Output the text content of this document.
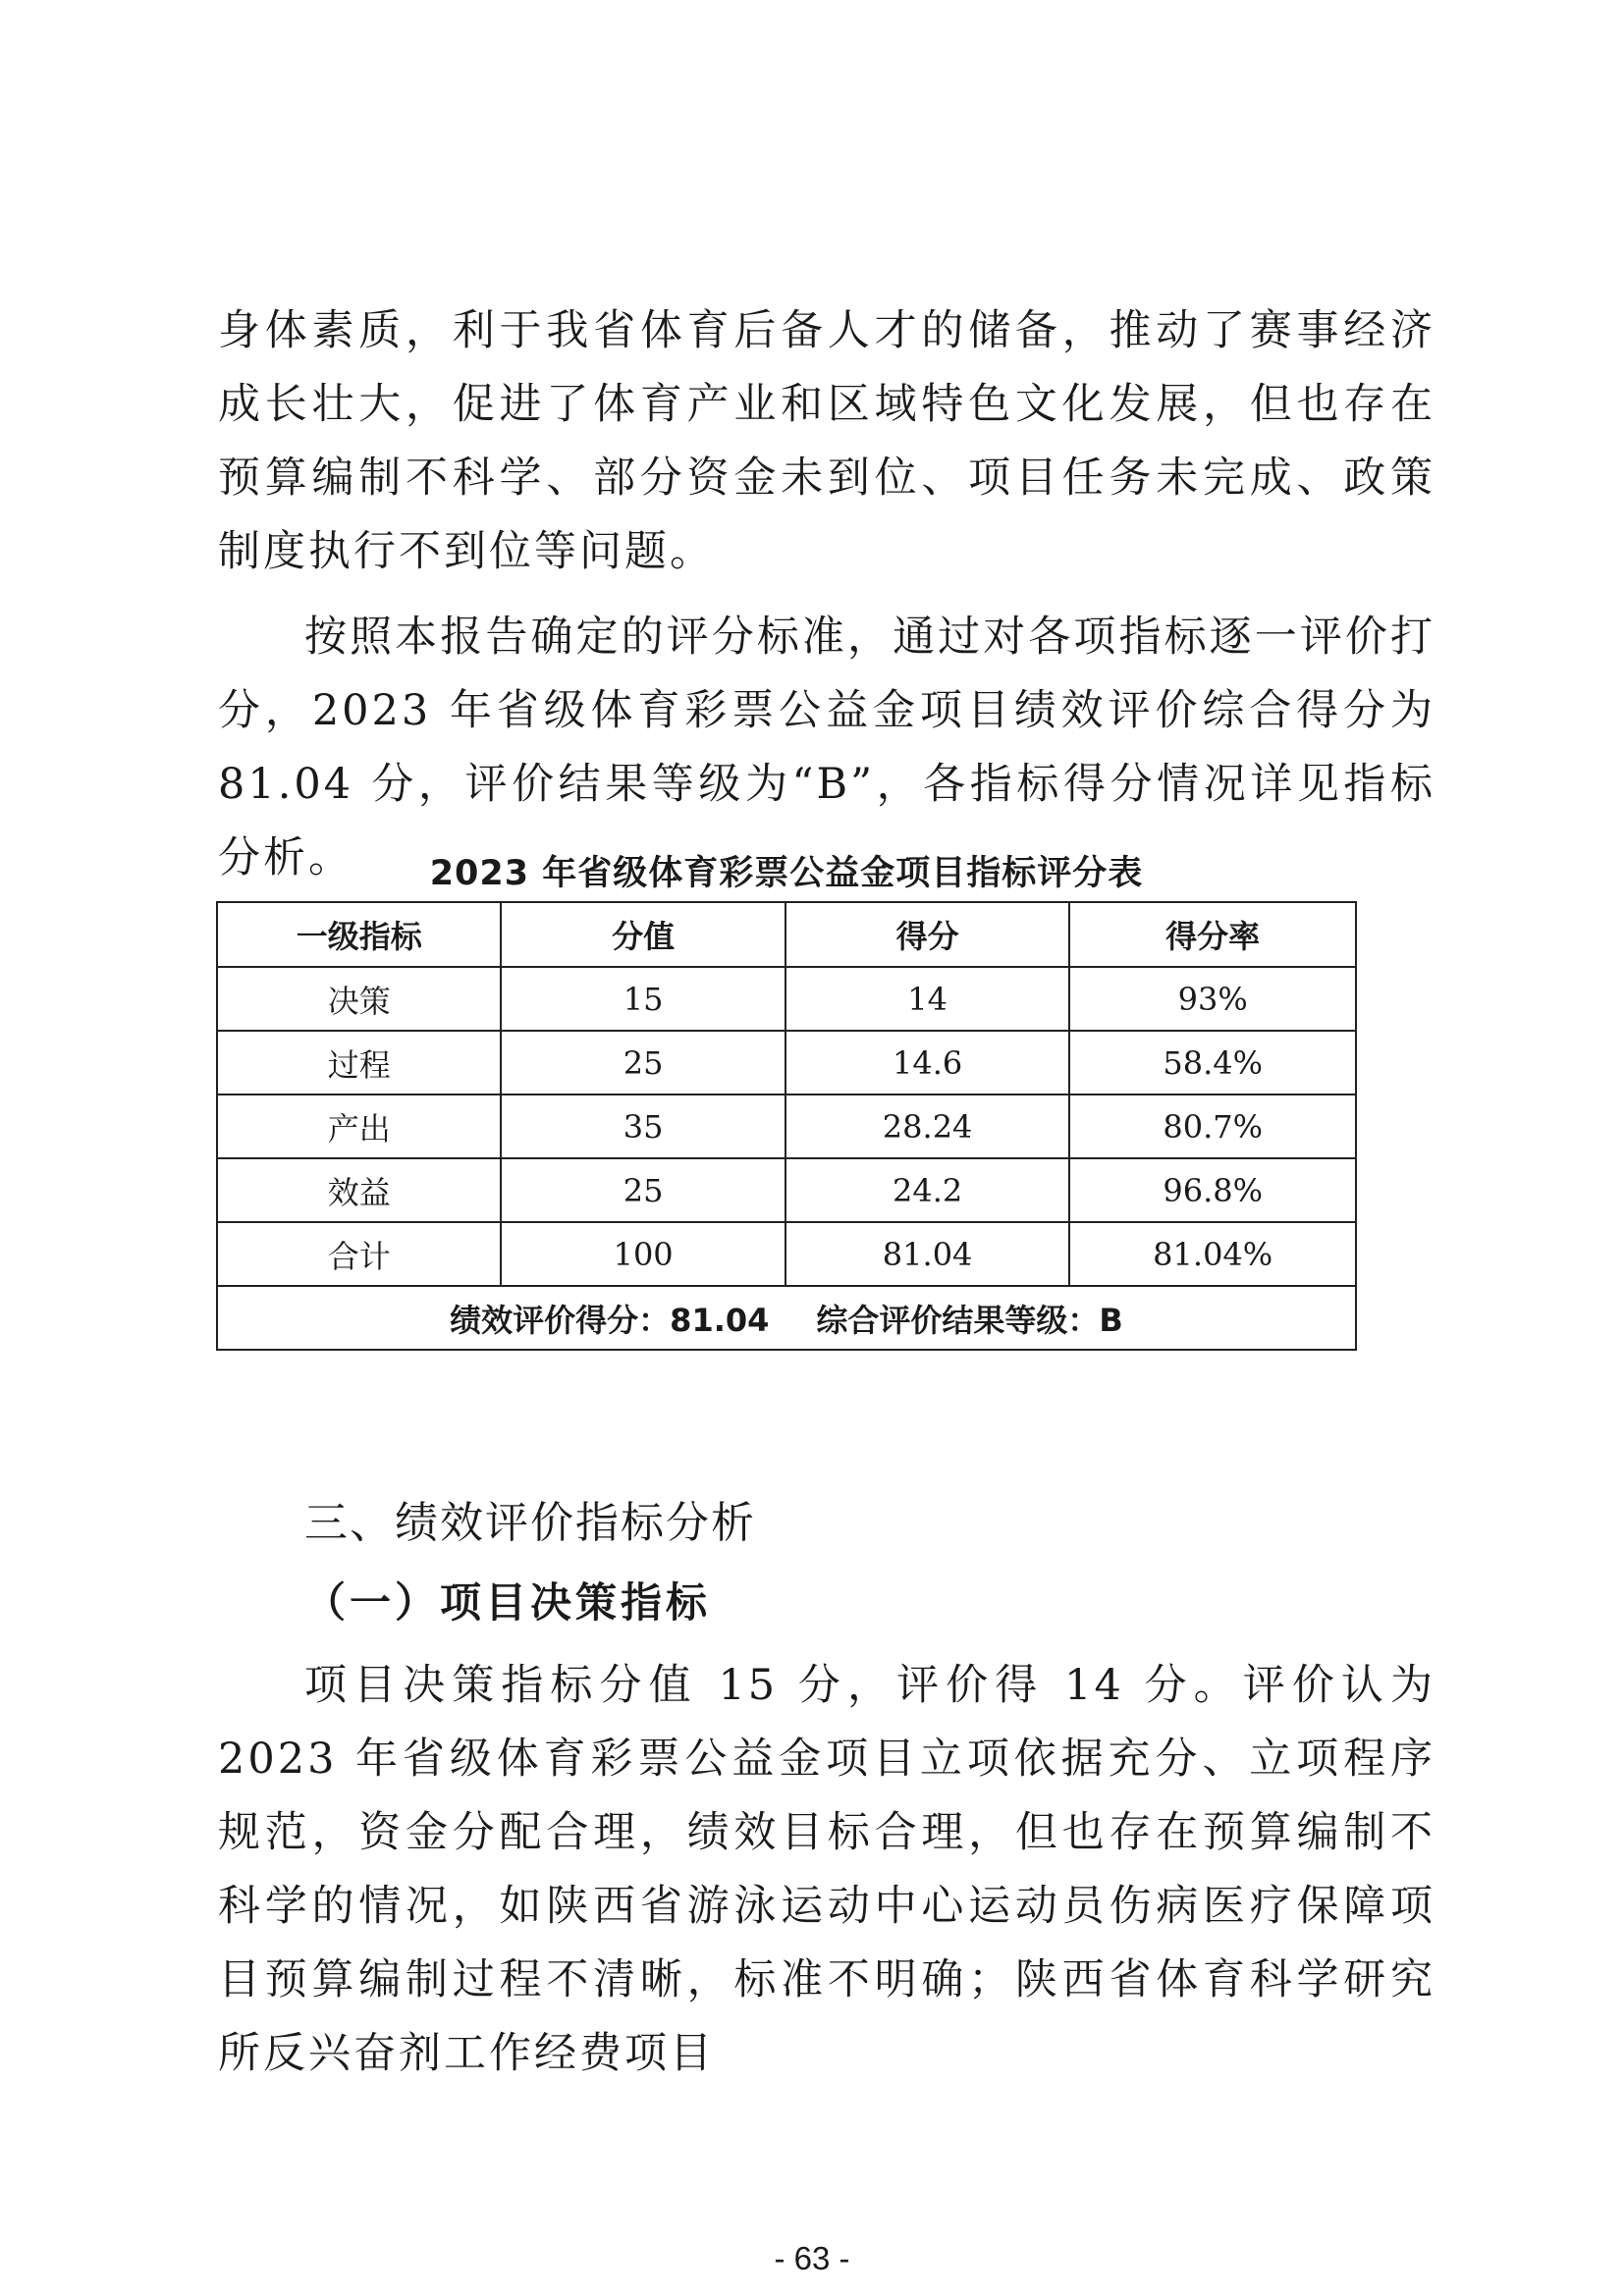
身体素质，利于我省体育后备人才的储备，推动了赛事经济成长壮大，促进了体育产业和区域特色文化发展，但也存在预算编制不科学、部分资金未到位、项目任务未完成、政策制度执行不到位等问题。

按照本报告确定的评分标准，通过对各项指标逐一评价打分，2023 年省级体育彩票公益金项目绩效评价综合得分为 81.04 分，评价结果等级为“B”，各指标得分情况详见指标分析。	2023 年省级体育彩票公益金项目指标评分表
一级指标	分值	得分	得分率
决策	15	14	93%
过程	25	14.6	58.4%
产出	35	28.24	80.7%
效益	25	24.2	96.8%
合计	100	81.04	81.04%
绩效评价得分：81.04 综合评价结果等级：B			
三、绩效评价指标分析
（一）项目决策指标

项目决策指标分值 15 分，评价得 14 分。评价认为 2023 年省级体育彩票公益金项目立项依据充分、立项程序规范，资金分配合理，绩效目标合理，但也存在预算编制不科学的情况，如陕西省游泳运动中心运动员伤病医疗保障项目预算编制过程不清晰，标准不明确；陕西省体育科学研究所反兴奋剂工作经费项目

- 63 -
